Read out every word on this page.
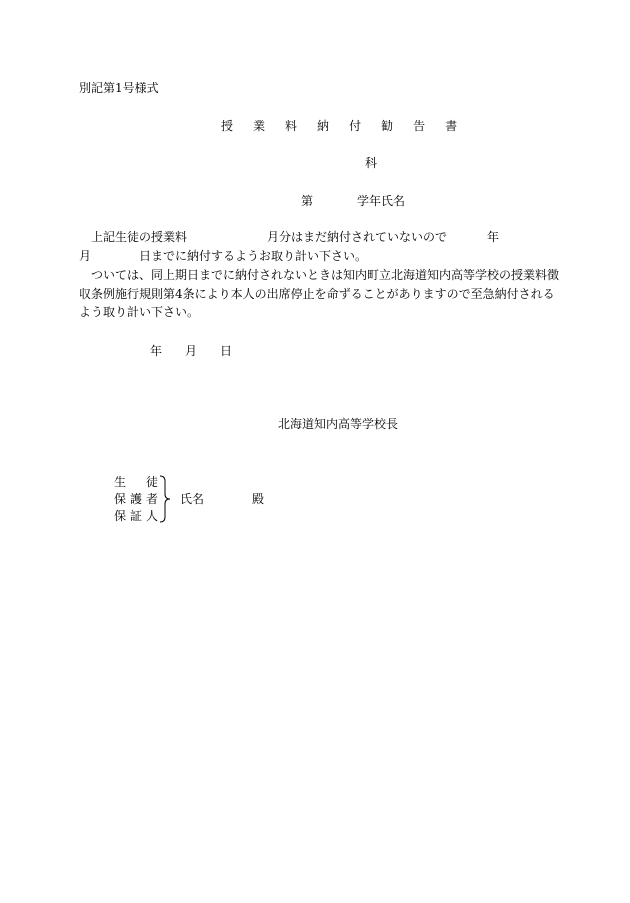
別記第1号様式
授 業 料 納 付 勧 告 書
科
第	学年氏名
上記生徒の授業料	月分はまだ納付されていないので	年
月	日までに納付するようお取り計い下さい。
ついては、同上期日までに納付されないときは知内町立北海道知内高等学校の授業料徴
収条例施行規則第4条により本人の出席停止を命ずることがありますので至急納付される
よう取り計い下さい。
年 月 日
北海道知内高等学校長
生 徒
保 護 者
保 証 人
氏名	殿
